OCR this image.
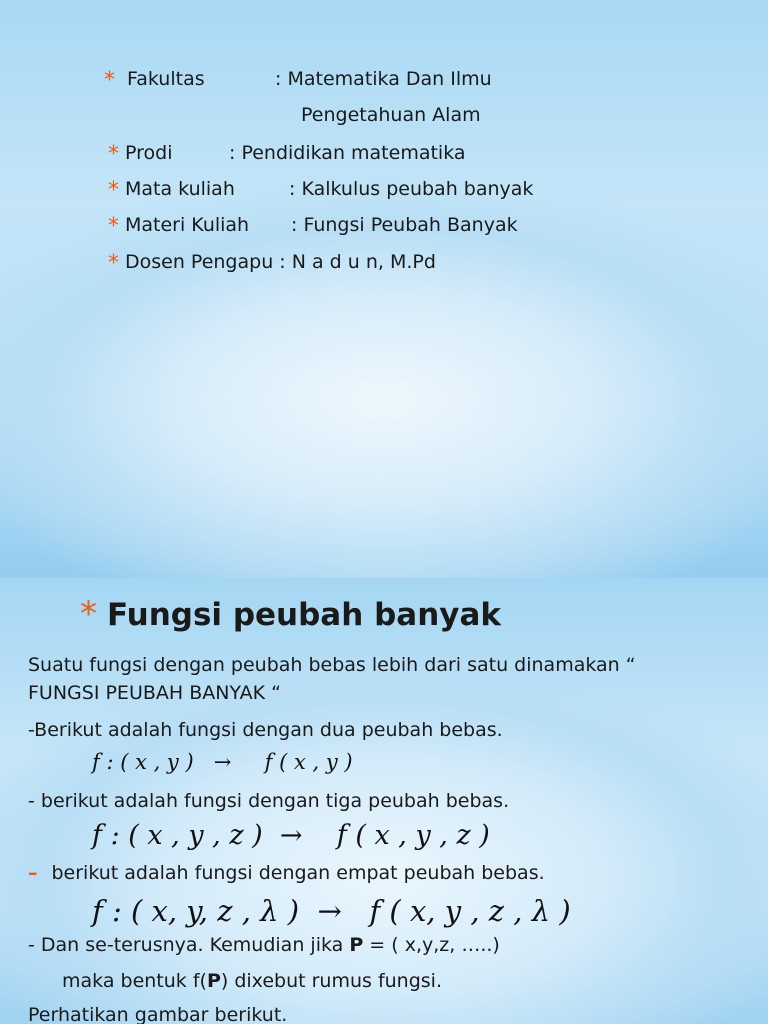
* Fakultas	: Matematika Dan Ilmu
Pengetahuan Alam
* Prodi	: Pendidikan matematika
* Mata kuliah	: Kalkulus peubah banyak
* Materi Kuliah : Fungsi Peubah Banyak
* Dosen Pengapu : N a d u n, M.Pd
* Fungsi peubah banyak
Suatu fungsi dengan peubah bebas lebih dari satu dinamakan “
FUNGSI PEUBAH BANYAK “
-Berikut adalah fungsi dengan dua peubah bebas.
f : ( x , y )   →     f ( x , y )
- berikut adalah fungsi dengan tiga peubah bebas.
f : ( x , y , z )  →    f ( x , y , z )
– berikut adalah fungsi dengan empat peubah bebas.
f : ( x, y, z , λ )  →   f ( x, y , z , λ )
- Dan se-terusnya. Kemudian jika P = ( x,y,z, …..)
maka bentuk f(P) dixebut rumus fungsi.
Perhatikan gambar berikut.
